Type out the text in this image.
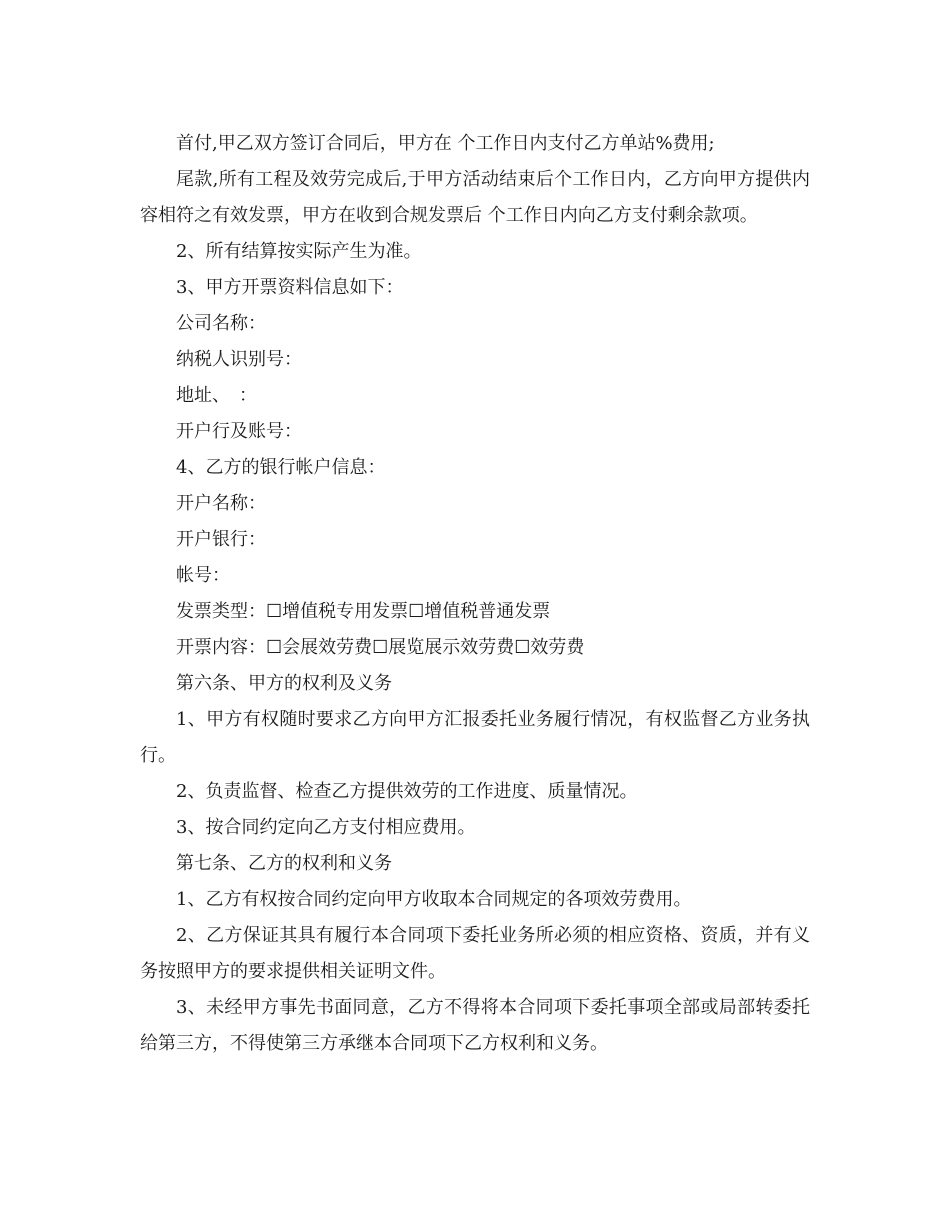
首付,甲乙双方签订合同后，甲方在 个工作日内支付乙方单站%费用;

尾款,所有工程及效劳完成后,于甲方活动结束后个工作日内，乙方向甲方提供内容相符之有效发票，甲方在收到合规发票后 个工作日内向乙方支付剩余款项。

2、所有结算按实际产生为准。

3、甲方开票资料信息如下：

公司名称：

纳税人识别号：

地址、　：

开户行及账号：

4、乙方的银行帐户信息：

开户名称：

开户银行：

帐号：

发票类型：☐增值税专用发票☐增值税普通发票

开票内容：☐会展效劳费☐展览展示效劳费☐效劳费

第六条、甲方的权利及义务

1、甲方有权随时要求乙方向甲方汇报委托业务履行情况，有权监督乙方业务执行。

2、负责监督、检查乙方提供效劳的工作进度、质量情况。

3、按合同约定向乙方支付相应费用。

第七条、乙方的权利和义务

1、乙方有权按合同约定向甲方收取本合同规定的各项效劳费用。

2、乙方保证其具有履行本合同项下委托业务所必须的相应资格、资质，并有义务按照甲方的要求提供相关证明文件。

3、未经甲方事先书面同意，乙方不得将本合同项下委托事项全部或局部转委托给第三方，不得使第三方承继本合同项下乙方权利和义务。
